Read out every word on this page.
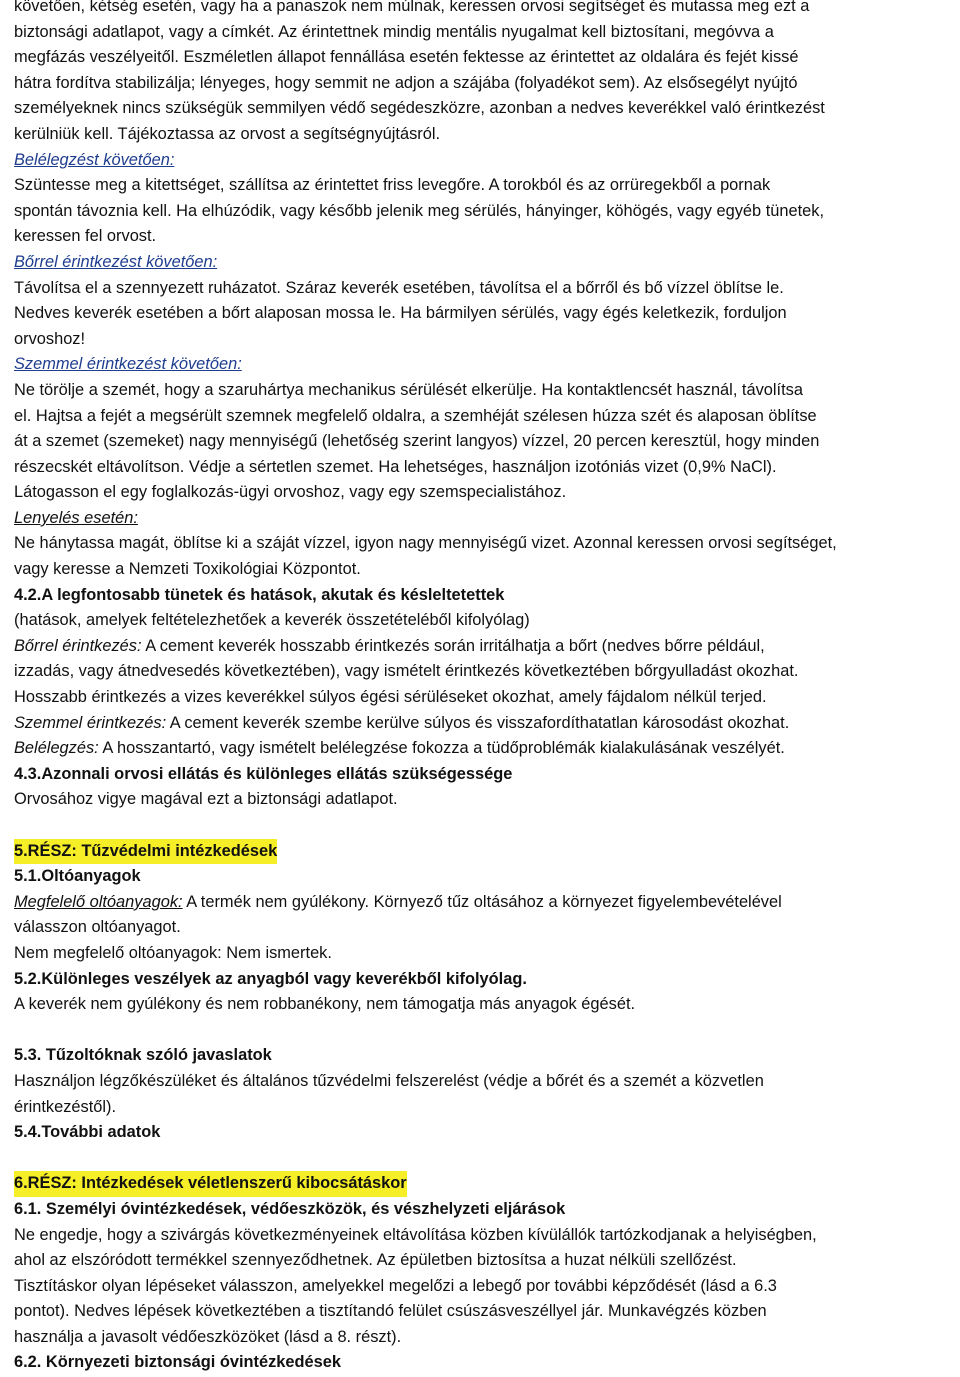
követően, kétség esetén, vagy ha a panaszok nem múlnak, keressen orvosi segítséget és mutassa meg ezt a

biztonsági adatlapot, vagy a címkét. Az érintettnek mindig mentális nyugalmat kell biztosítani, megóvva a

megfázás veszélyeitől. Eszméletlen állapot fennállása esetén fektesse az érintettet az oldalára és fejét kissé

hátra fordítva stabilizálja; lényeges, hogy semmit ne adjon a szájába (folyadékot sem). Az elsősegélyt nyújtó

személyeknek nincs szükségük semmilyen védő segédeszközre, azonban a nedves keverékkel való érintkezést

kerülniük kell. Tájékoztassa az orvost a segítségnyújtásról.

Belélegzést követően:

Szüntesse meg a kitettséget, szállítsa az érintettet friss levegőre. A torokból és az orrüregekből a pornak

spontán távoznia kell. Ha elhúzódik, vagy később jelenik meg sérülés, hányinger, köhögés, vagy egyéb tünetek,

keressen fel orvost.

Bőrrel érintkezést követően:

Távolítsa el a szennyezett ruházatot. Száraz keverék esetében, távolítsa el a bőrről és bő vízzel öblítse le.

Nedves keverék esetében a bőrt alaposan mossa le. Ha bármilyen sérülés, vagy égés keletkezik, forduljon

orvoshoz!

Szemmel érintkezést követően:

Ne törölje a szemét, hogy a szaruhártya mechanikus sérülését elkerülje. Ha kontaktlencsét használ, távolítsa

el. Hajtsa a fejét a megsérült szemnek megfelelő oldalra, a szemhéját szélesen húzza szét és alaposan öblítse

át a szemet (szemeket) nagy mennyiségű (lehetőség szerint langyos) vízzel, 20 percen keresztül, hogy minden

részecskét eltávolítson. Védje a sértetlen szemet. Ha lehetséges, használjon izotóniás vizet (0,9% NaCl).

Látogasson el egy foglalkozás-ügyi orvoshoz, vagy egy szemspecialistához.

Lenyelés esetén:

Ne hánytassa magát, öblítse ki a száját vízzel, igyon nagy mennyiségű vizet. Azonnal keressen orvosi segítséget,

vagy keresse a Nemzeti Toxikológiai Központot.

4.2.A legfontosabb tünetek és hatások, akutak és késleltetettek

(hatások, amelyek feltételezhetőek a keverék összetételéből kifolyólag)

Bőrrel érintkezés: A cement keverék hosszabb érintkezés során irritálhatja a bőrt (nedves bőrre például,

izzadás, vagy átnedvesedés következtében), vagy ismételt érintkezés következtében bőrgyulladást okozhat.

Hosszabb érintkezés a vizes keverékkel súlyos égési sérüléseket okozhat, amely fájdalom nélkül terjed.

Szemmel érintkezés: A cement keverék szembe kerülve súlyos és visszafordíthatatlan károsodást okozhat.

Belélegzés: A hosszantartó, vagy ismételt belélegzése fokozza a tüdőproblémák kialakulásának veszélyét.

4.3.Azonnali orvosi ellátás és különleges ellátás szükségessége

Orvosához vigye magával ezt a biztonsági adatlapot.

5.RÉSZ: Tűzvédelmi intézkedések

5.1.Oltóanyagok

Megfelelő oltóanyagok: A termék nem gyúlékony. Környező tűz oltásához a környezet figyelembevételével

válasszon oltóanyagot.

Nem megfelelő oltóanyagok: Nem ismertek.

5.2.Különleges veszélyek az anyagból vagy keverékből kifolyólag.

A keverék nem gyúlékony és nem robbanékony, nem támogatja más anyagok égését.

5.3. Tűzoltóknak szóló javaslatok

Használjon légzőkészüléket és általános tűzvédelmi felszerelést (védje a bőrét és a szemét a közvetlen

érintkezéstől).

5.4.További adatok

6.RÉSZ: Intézkedések véletlenszerű kibocsátáskor

6.1. Személyi óvintézkedések, védőeszközök, és vészhelyzeti eljárások

Ne engedje, hogy a szivárgás következményeinek eltávolítása közben kívülállók tartózkodjanak a helyiségben,

ahol az elszóródott termékkel szennyeződhetnek. Az épületben biztosítsa a huzat nélküli szellőzést.

Tisztításkor olyan lépéseket válasszon, amelyekkel megelőzi a lebegő por további képződését (lásd a 6.3

pontot). Nedves lépések következtében a tisztítandó felület csúszásveszéllyel jár. Munkavégzés közben

használja a javasolt védőeszközöket (lásd a 8. részt).

6.2. Környezeti biztonsági óvintézkedések
